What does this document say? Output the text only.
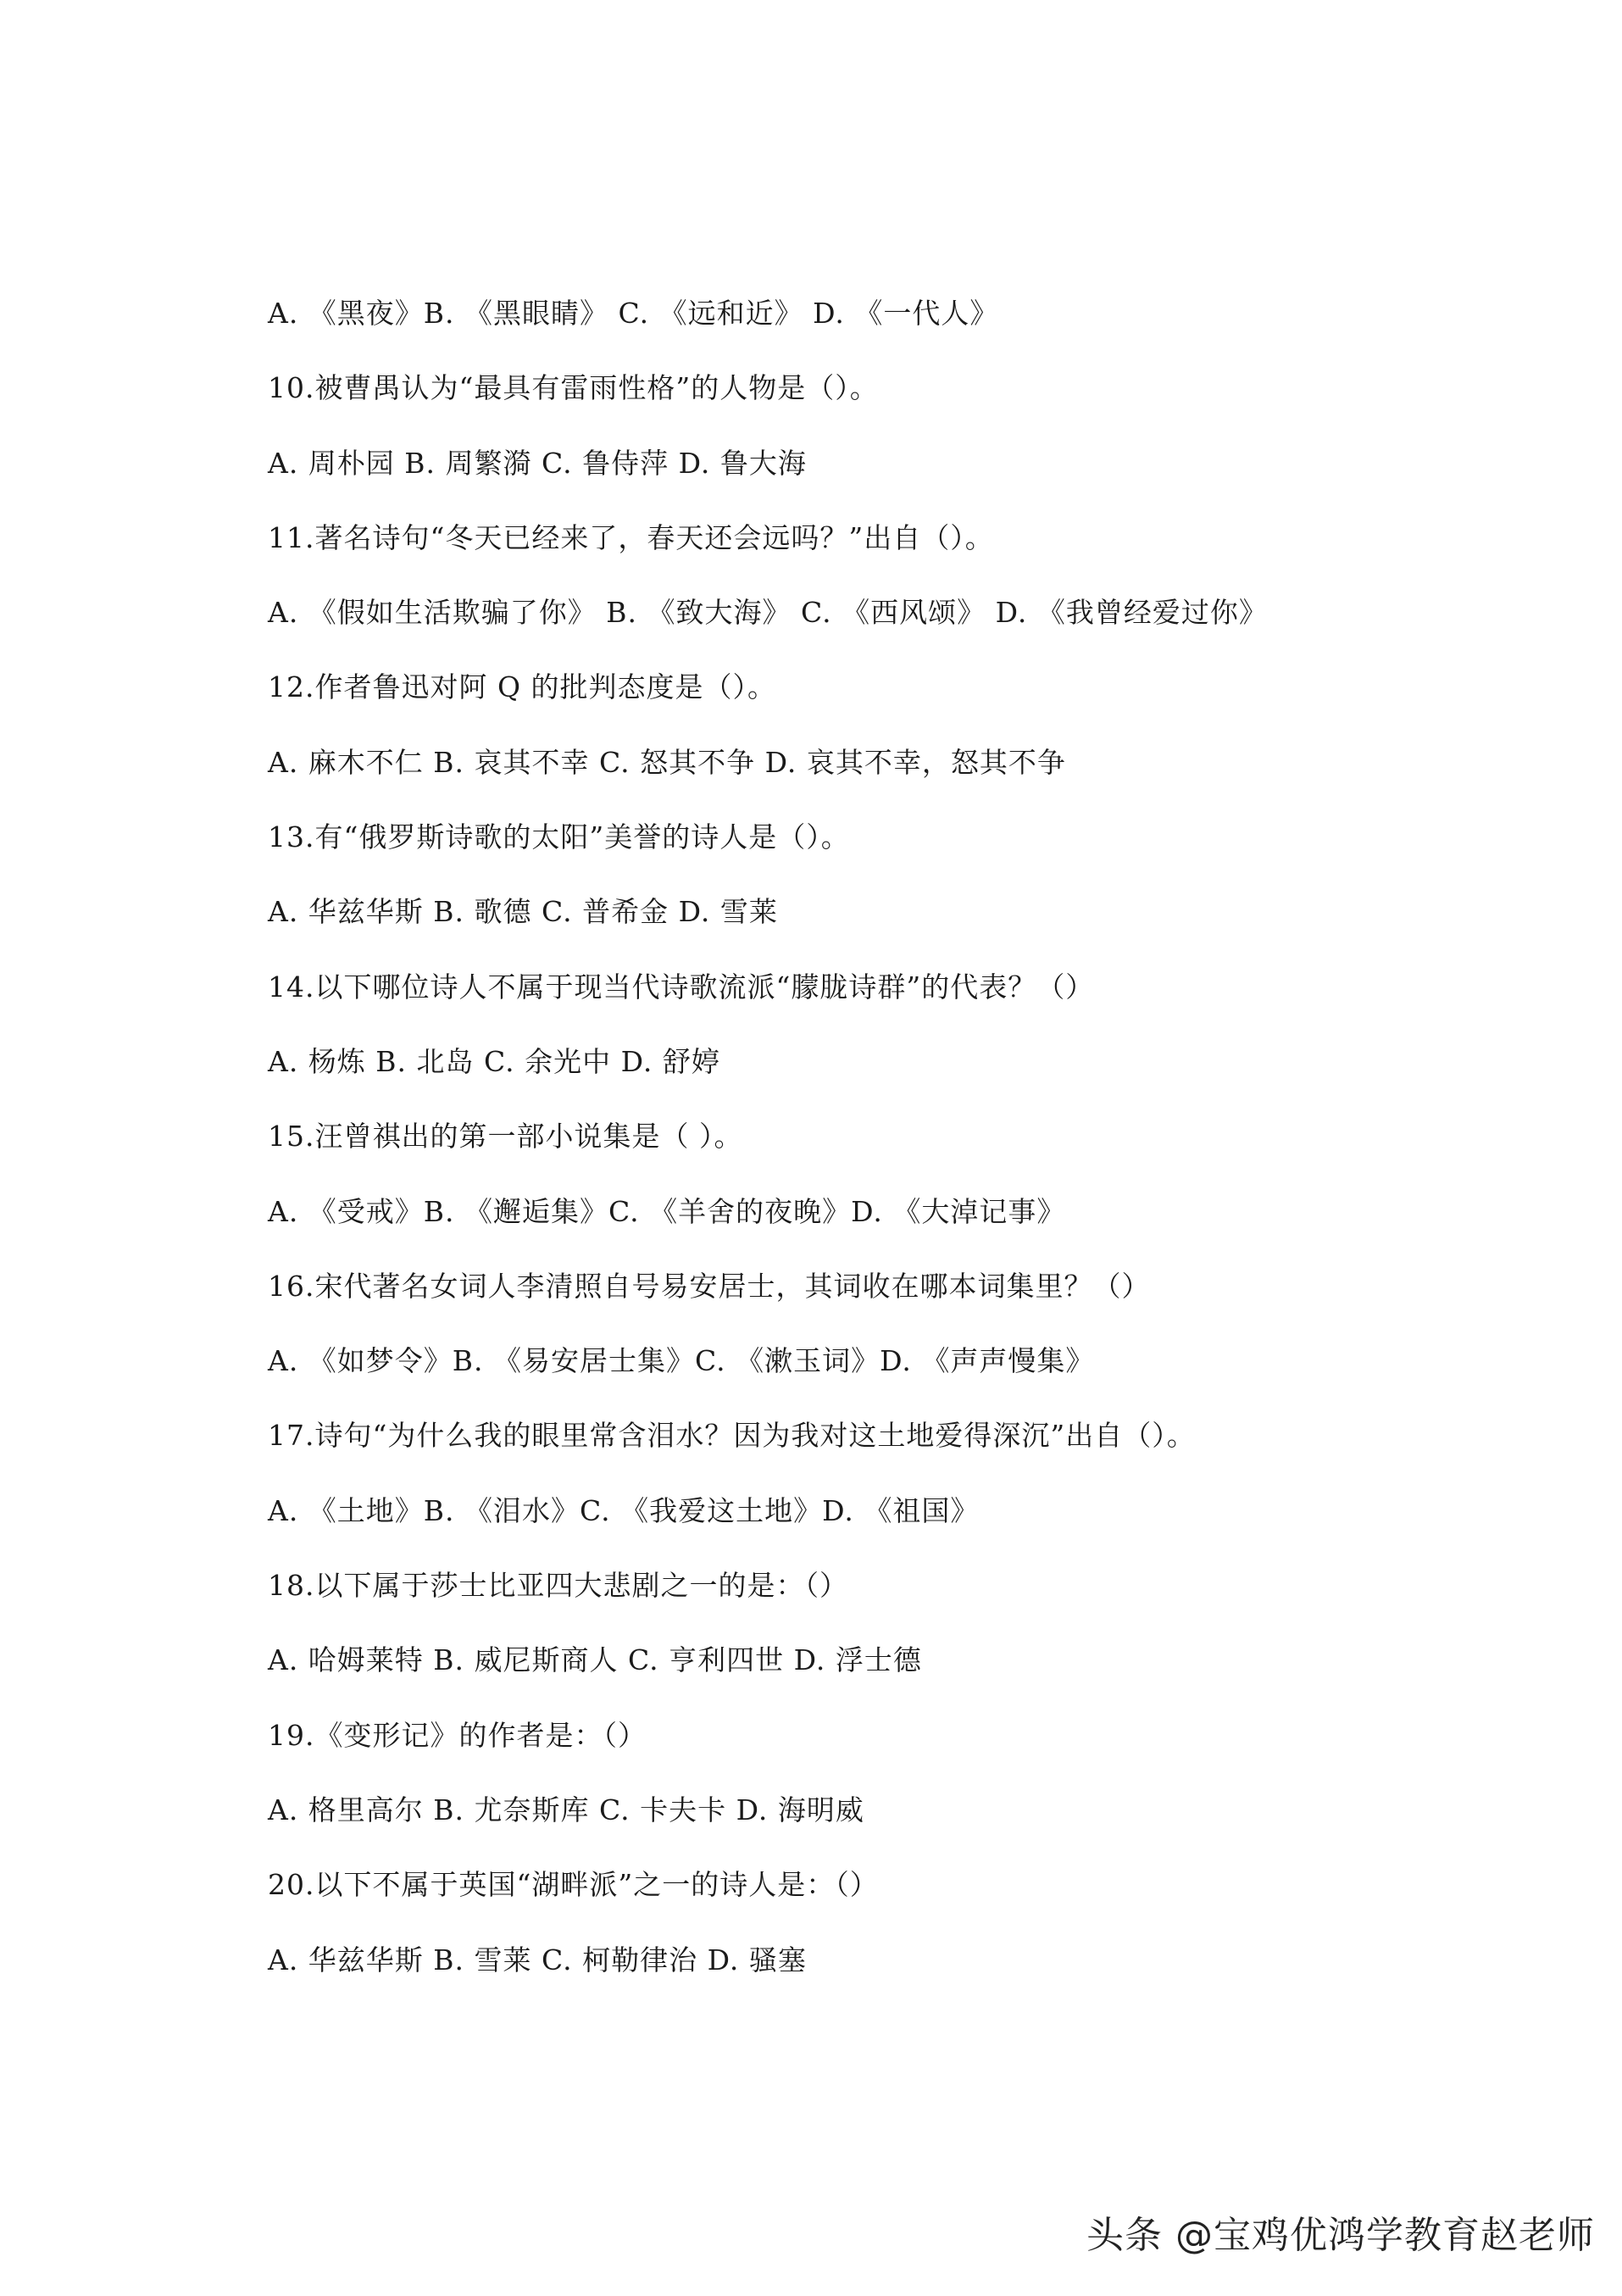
A. 《黑夜》B. 《黑眼睛》 C. 《远和近》 D. 《一代人》
10.被曹禺认为“最具有雷雨性格”的人物是（）。
A. 周朴园 B. 周繁漪 C. 鲁侍萍 D. 鲁大海
11.著名诗句“冬天已经来了，春天还会远吗？”出自（）。
A. 《假如生活欺骗了你》 B. 《致大海》 C. 《西风颂》 D. 《我曾经爱过你》
12.作者鲁迅对阿 Q 的批判态度是（）。
A. 麻木不仁 B. 哀其不幸 C. 怒其不争 D. 哀其不幸，怒其不争
13.有“俄罗斯诗歌的太阳”美誉的诗人是（）。
A. 华兹华斯 B. 歌德 C. 普希金 D. 雪莱
14.以下哪位诗人不属于现当代诗歌流派“朦胧诗群”的代表？（）
A. 杨炼 B. 北岛 C. 余光中 D. 舒婷
15.汪曾祺出的第一部小说集是（ ）。
A. 《受戒》B. 《邂逅集》C. 《羊舍的夜晚》D. 《大淖记事》
16.宋代著名女词人李清照自号易安居士，其词收在哪本词集里？（）
A. 《如梦令》B. 《易安居士集》C. 《漱玉词》D. 《声声慢集》
17.诗句“为什么我的眼里常含泪水？因为我对这土地爱得深沉”出自（）。
A. 《土地》B. 《泪水》C. 《我爱这土地》D. 《祖国》
18.以下属于莎士比亚四大悲剧之一的是：（）
A. 哈姆莱特 B. 威尼斯商人 C. 亨利四世 D. 浮士德
19.《变形记》的作者是：（）
A. 格里高尔 B. 尤奈斯库 C. 卡夫卡 D. 海明威
20.以下不属于英国“湖畔派”之一的诗人是：（）
A. 华兹华斯 B. 雪莱 C. 柯勒律治 D. 骚塞
头条 @宝鸡优鸿学教育赵老师
